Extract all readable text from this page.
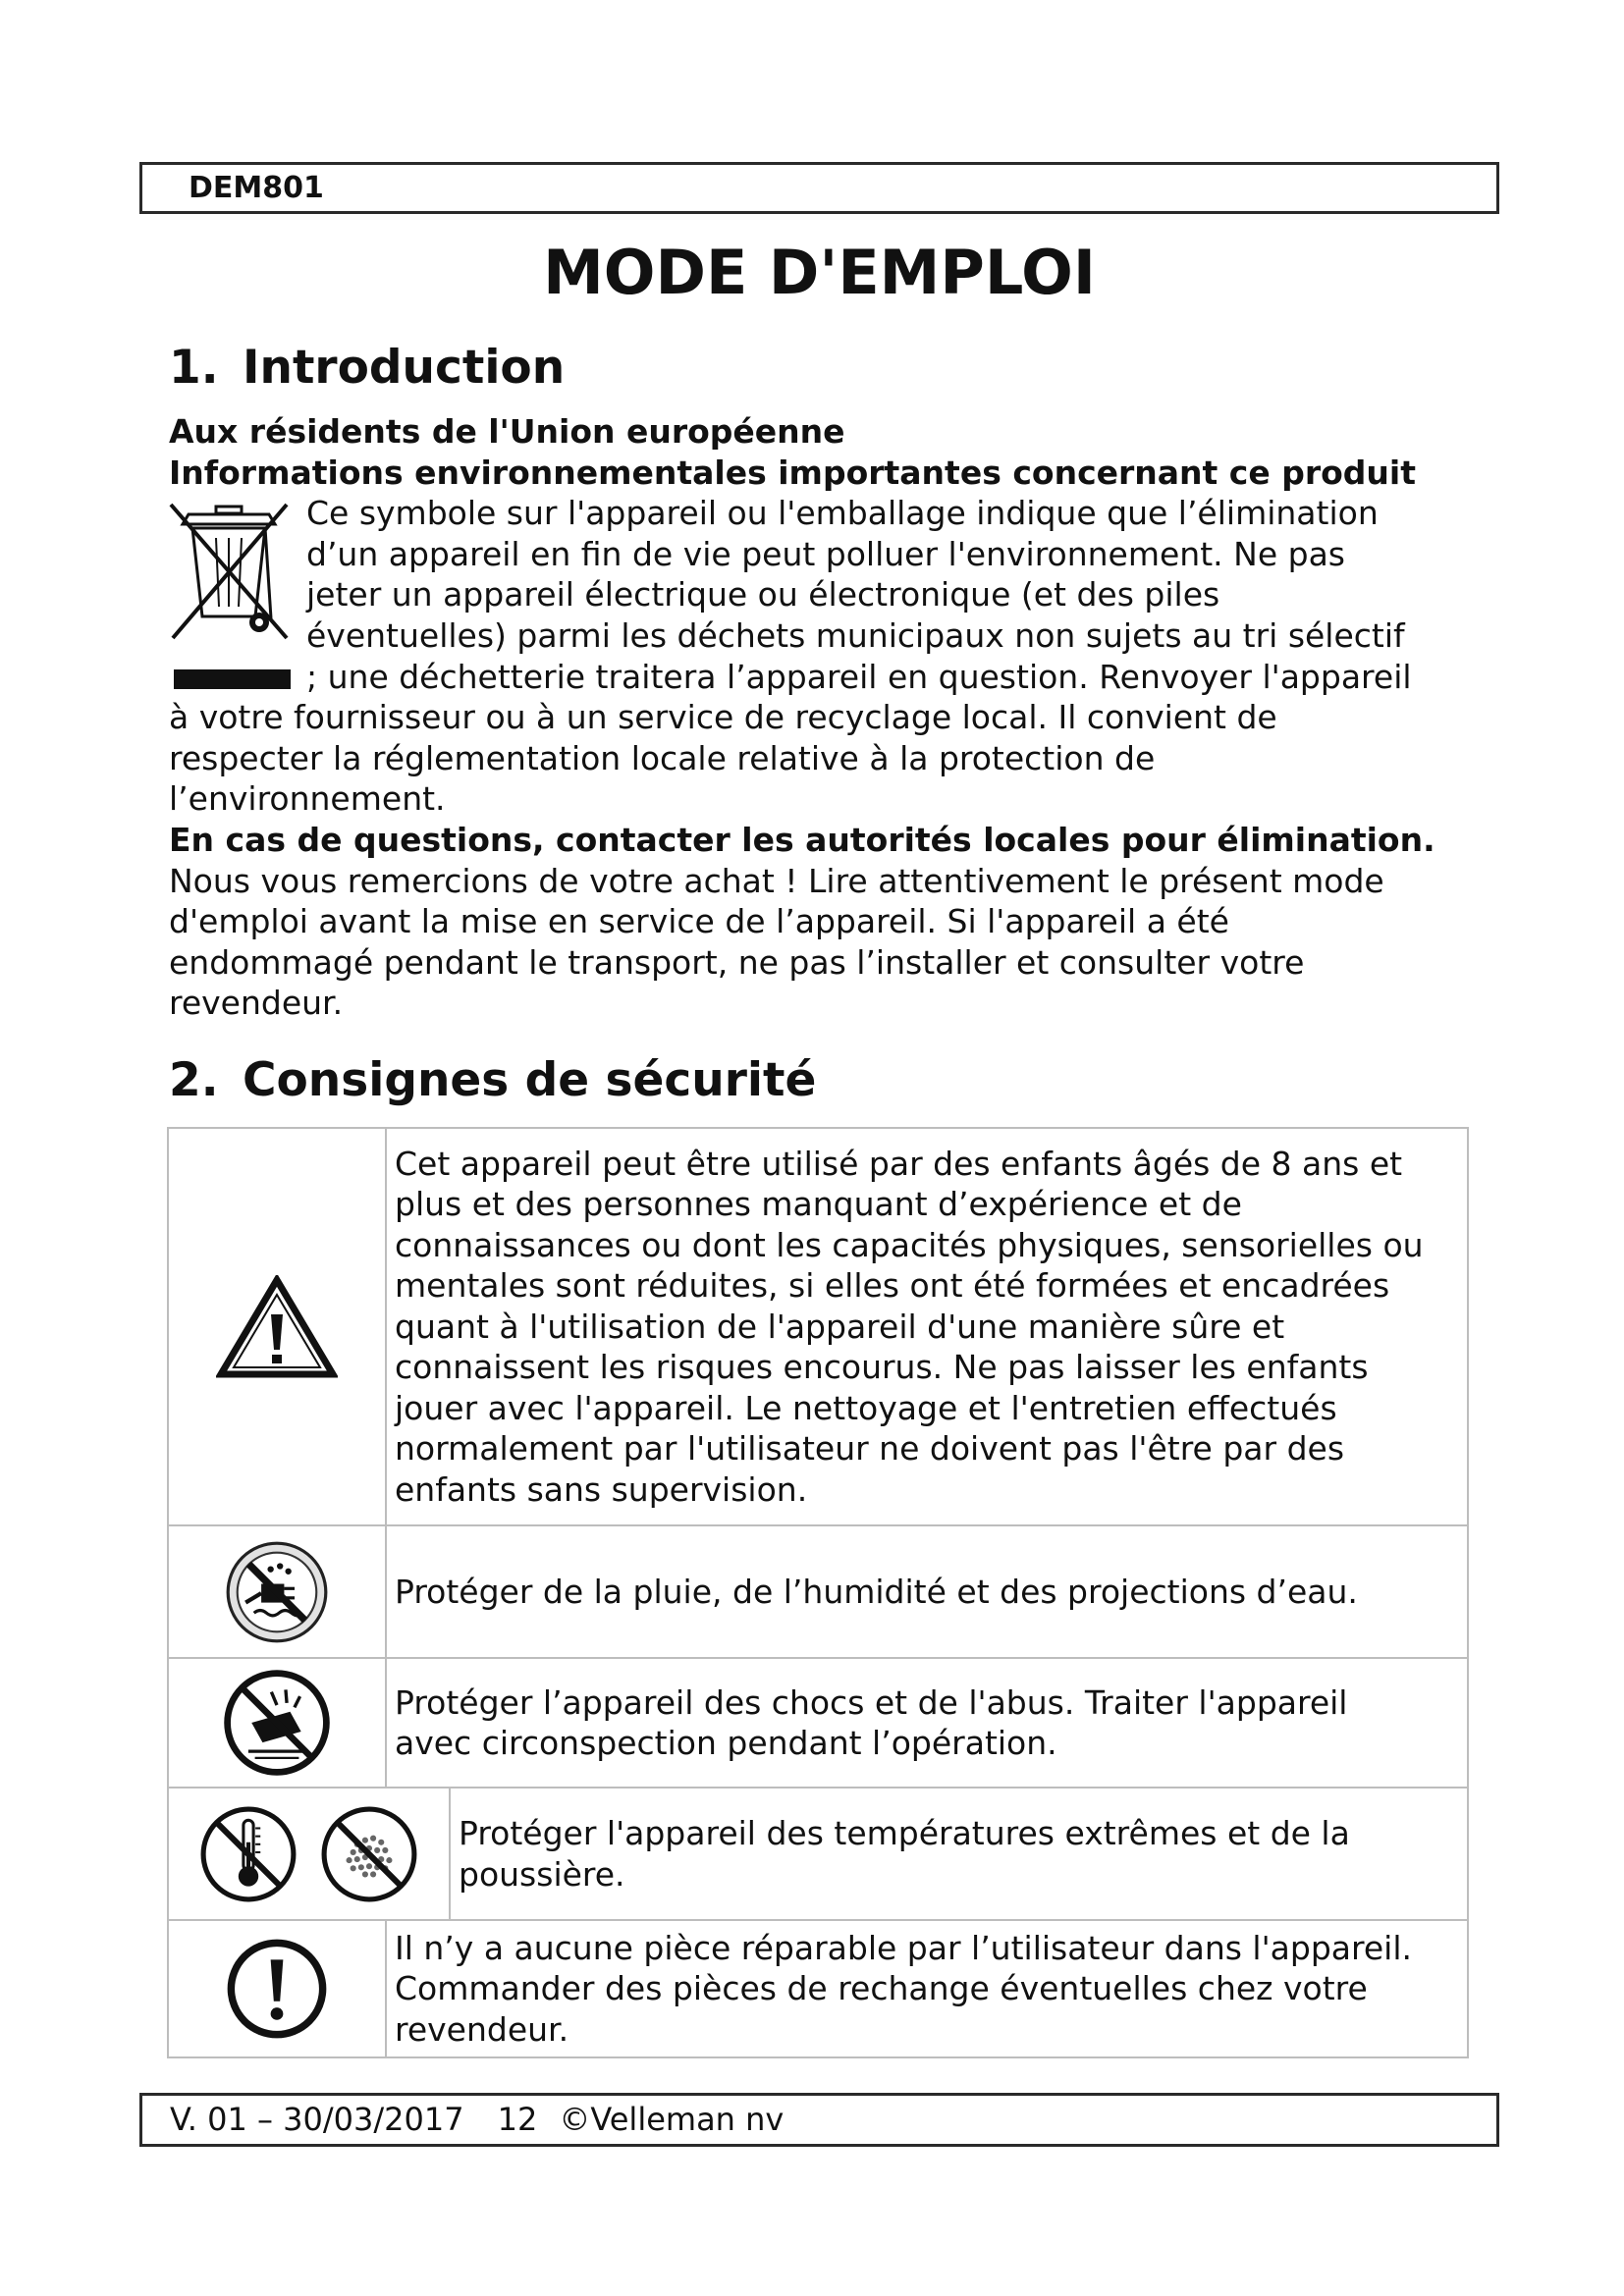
DEM801
MODE D'EMPLOI
1. Introduction
Aux résidents de l'Union européenne
Informations environnementales importantes concernant ce produit
Ce symbole sur l'appareil ou l'emballage indique que l’élimination
d’un appareil en fin de vie peut polluer l'environnement. Ne pas
jeter un appareil électrique ou électronique (et des piles
éventuelles) parmi les déchets municipaux non sujets au tri sélectif
; une déchetterie traitera l’appareil en question. Renvoyer l'appareil
à votre fournisseur ou à un service de recyclage local. Il convient de
respecter la réglementation locale relative à la protection de
l’environnement.
En cas de questions, contacter les autorités locales pour élimination.
Nous vous remercions de votre achat ! Lire attentivement le présent mode
d'emploi avant la mise en service de l’appareil. Si l'appareil a été
endommagé pendant le transport, ne pas l’installer et consulter votre
revendeur.
2. Consignes de sécurité
Cet appareil peut être utilisé par des enfants âgés de 8 ans et
plus et des personnes manquant d’expérience et de
connaissances ou dont les capacités physiques, sensorielles ou
mentales sont réduites, si elles ont été formées et encadrées
quant à l'utilisation de l'appareil d'une manière sûre et
connaissent les risques encourus. Ne pas laisser les enfants
jouer avec l'appareil. Le nettoyage et l'entretien effectués
normalement par l'utilisateur ne doivent pas l'être par des
enfants sans supervision.
Protéger de la pluie, de l’humidité et des projections d’eau.
Protéger l’appareil des chocs et de l'abus. Traiter l'appareil
avec circonspection pendant l’opération.
Protéger l'appareil des températures extrêmes et de la
poussière.
Il n’y a aucune pièce réparable par l’utilisateur dans l'appareil.
Commander des pièces de rechange éventuelles chez votre
revendeur.
V. 01 – 30/03/2017 12 ©Velleman nv
